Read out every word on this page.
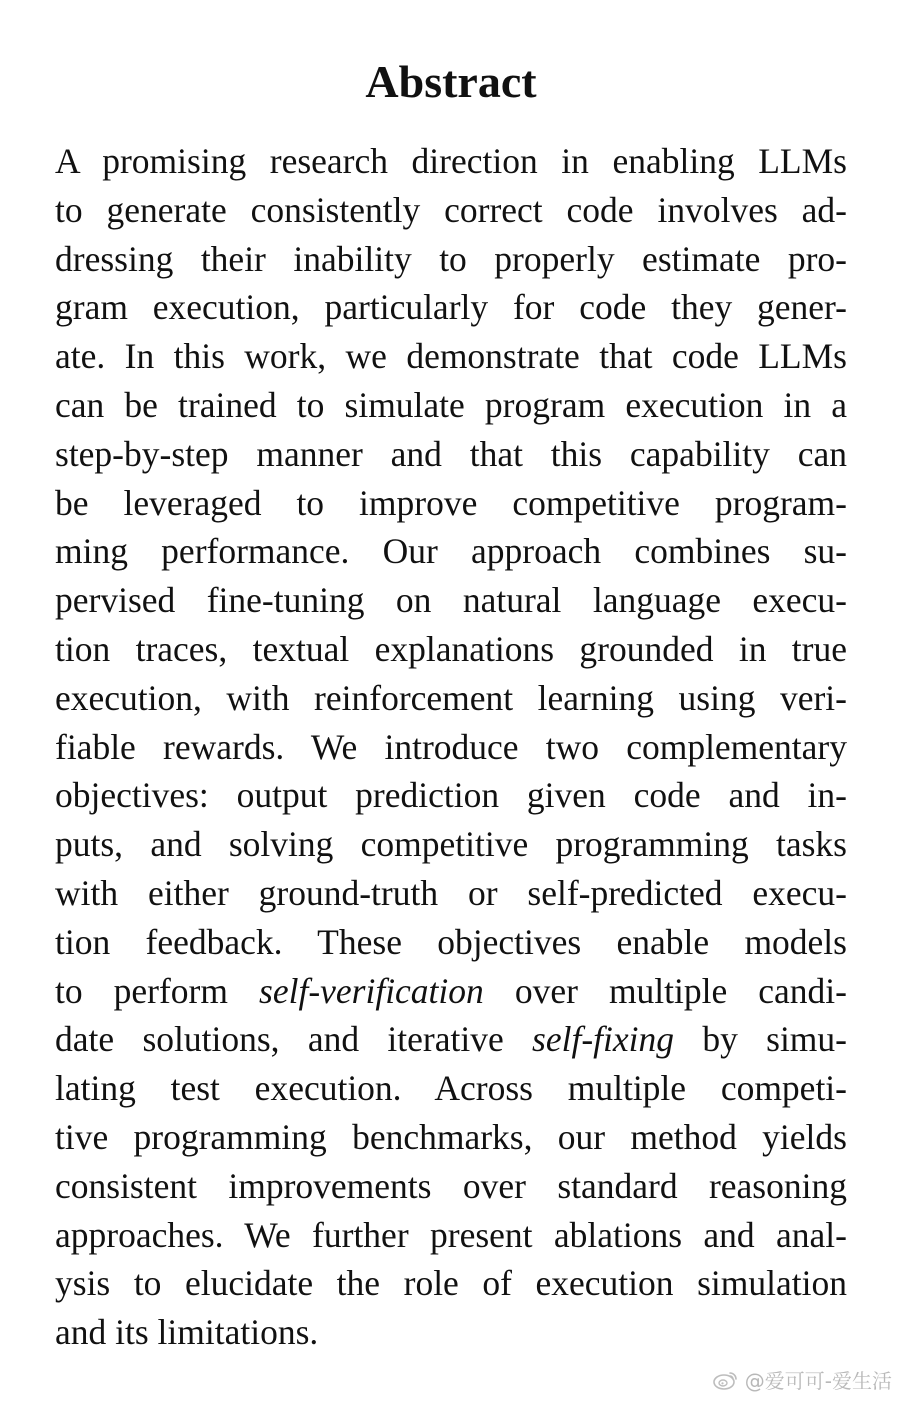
Abstract
A promising research direction in enabling LLMs
to generate consistently correct code involves ad-
dressing their inability to properly estimate pro-
gram execution, particularly for code they gener-
ate. In this work, we demonstrate that code LLMs
can be trained to simulate program execution in a
step-by-step manner and that this capability can
be leveraged to improve competitive program-
ming performance. Our approach combines su-
pervised fine-tuning on natural language execu-
tion traces, textual explanations grounded in true
execution, with reinforcement learning using veri-
fiable rewards. We introduce two complementary
objectives: output prediction given code and in-
puts, and solving competitive programming tasks
with either ground-truth or self-predicted execu-
tion feedback. These objectives enable models
to perform self-verification over multiple candi-
date solutions, and iterative self-fixing by simu-
lating test execution. Across multiple competi-
tive programming benchmarks, our method yields
consistent improvements over standard reasoning
approaches. We further present ablations and anal-
ysis to elucidate the role of execution simulation
and its limitations.
@爱可可-爱生活
